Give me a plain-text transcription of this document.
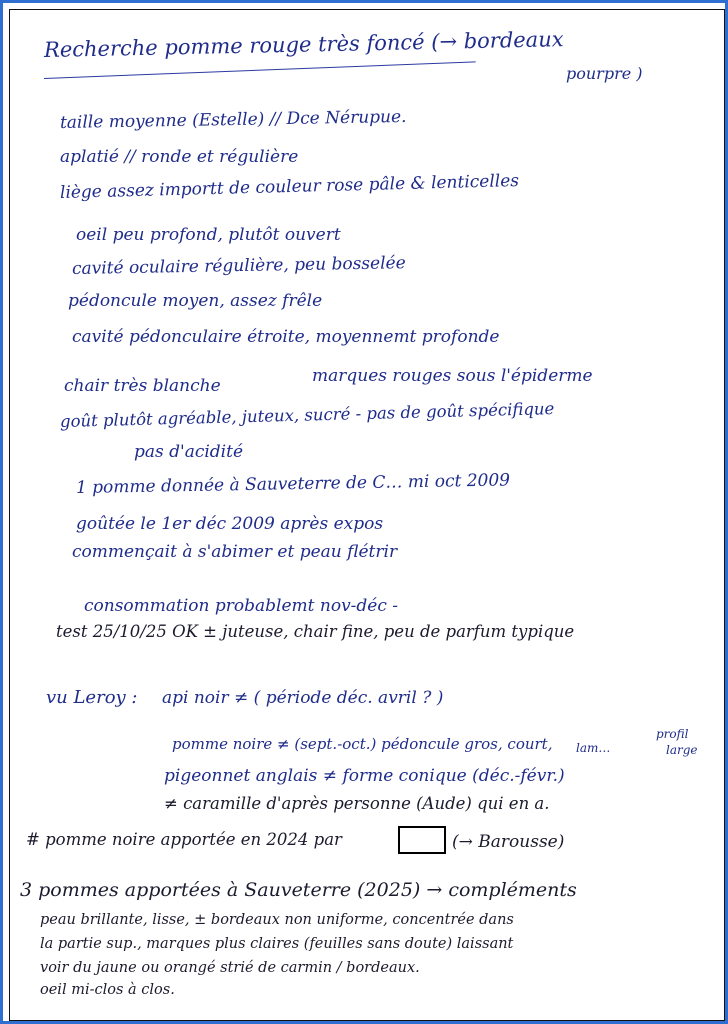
Recherche pomme rouge très foncé (→ bordeaux
pourpre )
taille moyenne (Estelle) // Dce Nérupue.
aplatié // ronde et régulière
liège assez importt de couleur rose pâle & lenticelles
oeil peu profond, plutôt ouvert
cavité oculaire régulière, peu bosselée
pédoncule moyen, assez frêle
cavité pédonculaire étroite, moyennemt profonde
chair très blanche	marques rouges sous l'épiderme
goût plutôt agréable, juteux, sucré - pas de goût spécifique
pas d'acidité
1 pomme donnée à Sauveterre de C… mi oct 2009
goûtée le 1er déc 2009 après expos
commençait à s'abimer et peau flétrir
consommation probablemt nov-déc -
test 25/10/25 OK ± juteuse, chair fine, peu de parfum typique
vu Leroy : api noir ≠ ( période déc. avril ? )
pomme noire ≠ (sept.-oct.) pédoncule gros, court, lam…
profil
large
pigeonnet anglais ≠ forme conique (déc.-févr.)
≠ caramille d'après personne (Aude) qui en a.
# pomme noire apportée en 2024 par	(→ Barousse)
3 pommes apportées à Sauveterre (2025) → compléments
peau brillante, lisse, ± bordeaux non uniforme, concentrée dans
la partie sup., marques plus claires (feuilles sans doute) laissant
voir du jaune ou orangé strié de carmin / bordeaux.
oeil mi-clos à clos.
